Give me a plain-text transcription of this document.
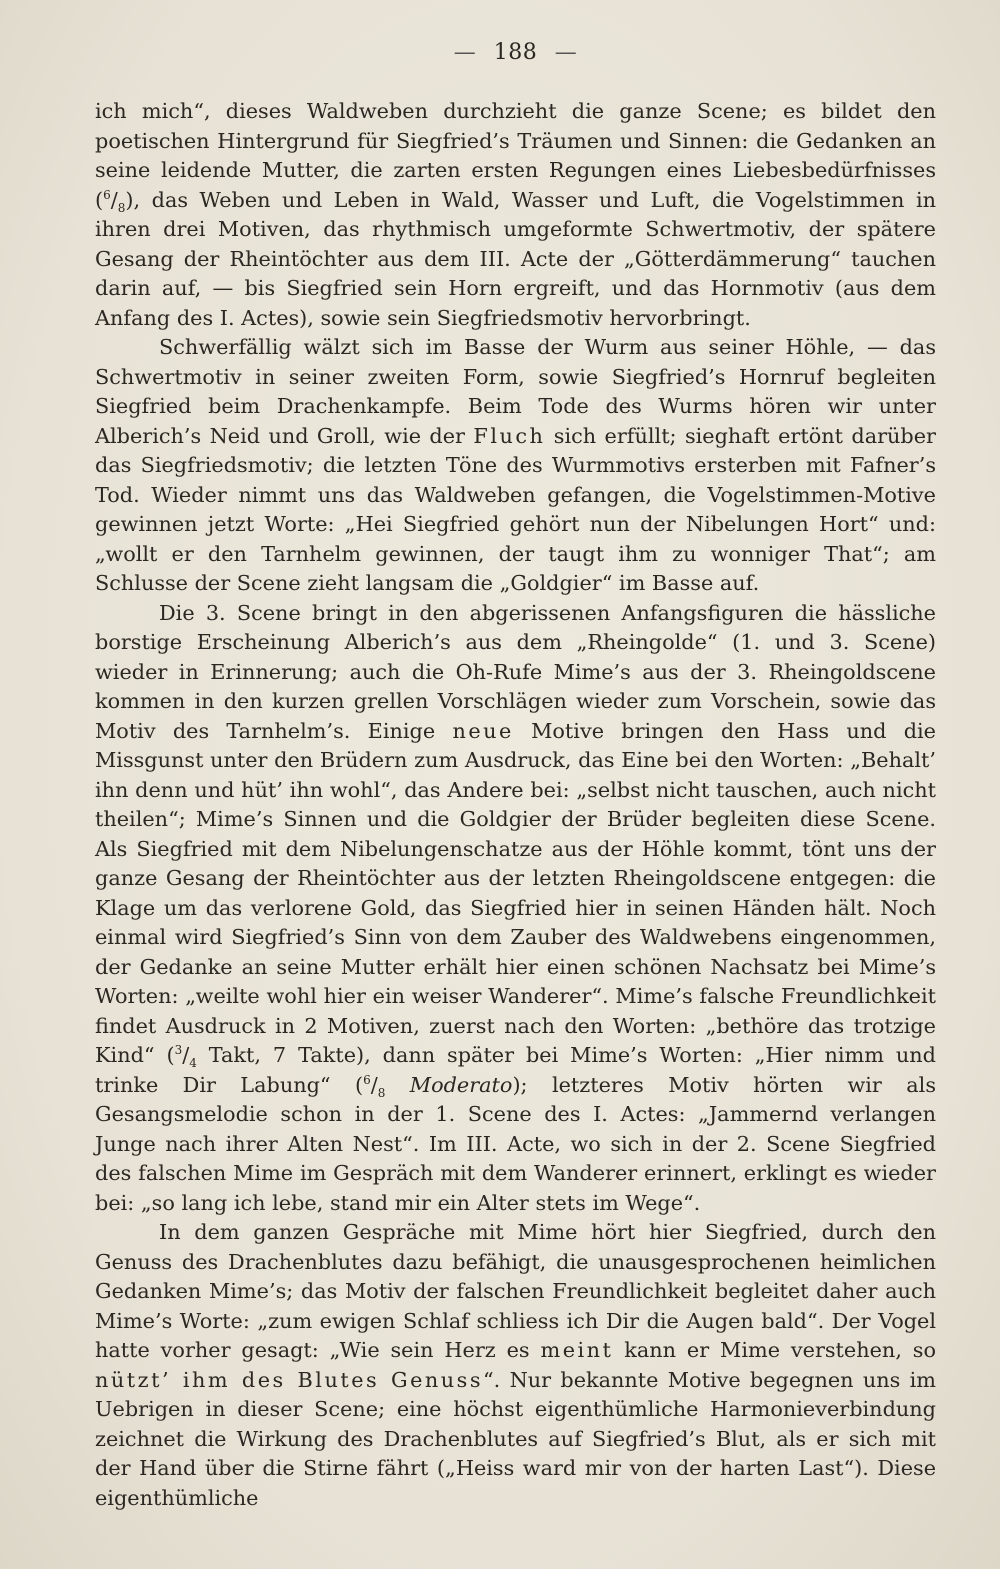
— 188 —

ich mich“, dieses Waldweben durchzieht die ganze Scene; es bildet den poetischen Hintergrund für Siegfried’s Träumen und Sinnen: die Gedanken an seine leidende Mutter, die zarten ersten Regungen eines Liebesbedürfnisses $(^6/_8)$, das Weben und Leben in Wald, Wasser und Luft, die Vogelstimmen in ihren drei Motiven, das rhythmisch umgeformte Schwertmotiv, der spätere Gesang der Rheintöchter aus dem III. Acte der „Götterdämmerung“ tauchen darin auf, — bis Siegfried sein Horn ergreift, und das Hornmotiv (aus dem Anfang des I. Actes), sowie sein Siegfriedsmotiv hervorbringt.

Schwerfällig wälzt sich im Basse der Wurm aus seiner Höhle, — das Schwertmotiv in seiner zweiten Form, sowie Siegfried’s Hornruf begleiten Siegfried beim Drachenkampfe. Beim Tode des Wurms hören wir unter Alberich’s Neid und Groll, wie der Fluch sich erfüllt; sieghaft ertönt darüber das Siegfriedsmotiv; die letzten Töne des Wurmmotivs ersterben mit Fafner’s Tod. Wieder nimmt uns das Waldweben gefangen, die Vogelstimmen-Motive gewinnen jetzt Worte: „Hei Siegfried gehört nun der Nibelungen Hort“ und: „wollt er den Tarnhelm gewinnen, der taugt ihm zu wonniger That“; am Schlusse der Scene zieht langsam die „Goldgier“ im Basse auf.

Die 3. Scene bringt in den abgerissenen Anfangsfiguren die hässliche borstige Erscheinung Alberich’s aus dem „Rheingolde“ (1. und 3. Scene) wieder in Erinnerung; auch die Oh-Rufe Mime’s aus der 3. Rheingoldscene kommen in den kurzen grellen Vorschlägen wieder zum Vorschein, sowie das Motiv des Tarnhelm’s. Einige neue Motive bringen den Hass und die Missgunst unter den Brüdern zum Ausdruck, das Eine bei den Worten: „Behalt’ ihn denn und hüt’ ihn wohl“, das Andere bei: „selbst nicht tauschen, auch nicht theilen“; Mime’s Sinnen und die Goldgier der Brüder begleiten diese Scene. Als Siegfried mit dem Nibelungenschatze aus der Höhle kommt, tönt uns der ganze Gesang der Rheintöchter aus der letzten Rheingoldscene entgegen: die Klage um das verlorene Gold, das Siegfried hier in seinen Händen hält. Noch einmal wird Siegfried’s Sinn von dem Zauber des Waldwebens eingenommen, der Gedanke an seine Mutter erhält hier einen schönen Nachsatz bei Mime’s Worten: „weilte wohl hier ein weiser Wanderer“. Mime’s falsche Freundlichkeit findet Ausdruck in 2 Motiven, zuerst nach den Worten: „bethöre das trotzige Kind“ ($^3/_4$ Takt, 7 Takte), dann später bei Mime’s Worten: „Hier nimm und trinke Dir Labung“ ($^6/_8$ Moderato); letzteres Motiv hörten wir als Gesangsmelodie schon in der 1. Scene des I. Actes: „Jammernd verlangen Junge nach ihrer Alten Nest“. Im III. Acte, wo sich in der 2. Scene Siegfried des falschen Mime im Gespräch mit dem Wanderer erinnert, erklingt es wieder bei: „so lang ich lebe, stand mir ein Alter stets im Wege“.

In dem ganzen Gespräche mit Mime hört hier Siegfried, durch den Genuss des Drachenblutes dazu befähigt, die unausgesprochenen heimlichen Gedanken Mime’s; das Motiv der falschen Freundlichkeit begleitet daher auch Mime’s Worte: „zum ewigen Schlaf schliess ich Dir die Augen bald“. Der Vogel hatte vorher gesagt: „Wie sein Herz es meint kann er Mime verstehen, so nützt’ ihm des Blutes Genuss“. Nur bekannte Motive begegnen uns im Uebrigen in dieser Scene; eine höchst eigenthümliche Harmonieverbindung zeichnet die Wirkung des Drachenblutes auf Siegfried’s Blut, als er sich mit der Hand über die Stirne fährt („Heiss ward mir von der harten Last“). Diese eigenthümliche
